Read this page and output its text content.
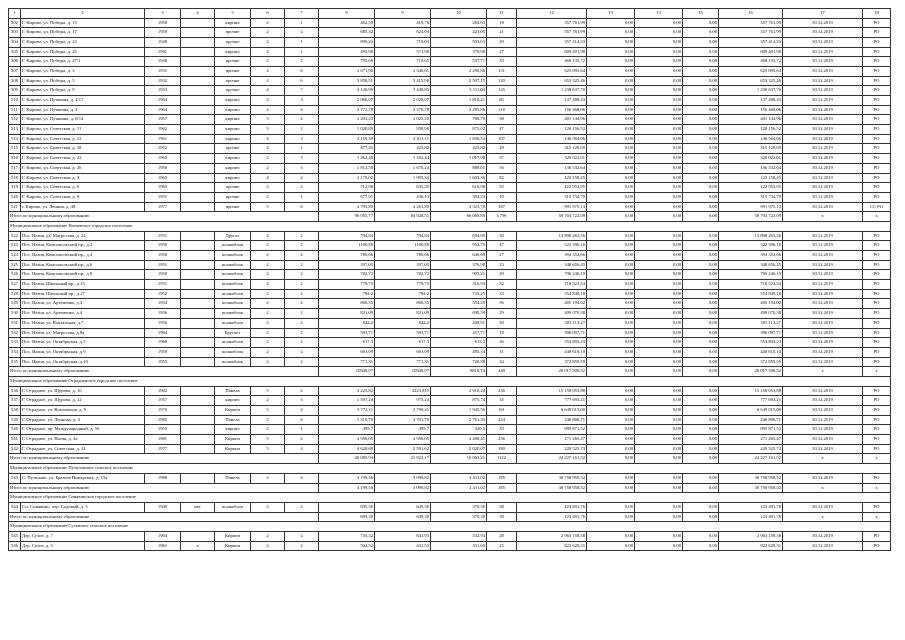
1	2	3	4	5	6	7	8	9	10	11	12	13	14	15	16	17	18
502	Г. Кирово, ул. Победы, д. 15	1958		кирпич	2	1	462,50	419,76	284,63	18	357 761,99	0,00	0,00	0,00	357 761,99	30.12.2019	РО
503	Г. Кирово, ул. Победы, д. 17	1959		прочие	2	2	685,32	624,04	421,05	21	357 761,99	0,00	0,00	0,00	357 761,99	30.12.2019	РО
504	Г. Кирово, ул. Победы, д. 23	1948		прочие	2	1	890,23	716,03	593,63	29	357 414,33	0,00	0,00	0,00	357 414,33	30.12.2019	РО
505	Г. Кирово, ул. Победы, д. 25	1961		кирпич	2	1	495,98	571,98	370,98	27	609 401,98	0,00	0,00	0,00	609 401,98	30.12.2019	РО
506	Г. Кирово, ул. Победы, д. 27/1	1948		прочие	2	2	795,66	710,65	537,71	33	460 133,72	0,00	0,00	0,00	460 133,72	30.12.2019	РО
507	Г. Кирово, ул. Победы, д. 3	1931		прочие	4	6	1 671,90	1 340,61	2 298,86	151	625 095,64	0,00	0,00	0,00	625 095,64	30.12.2019	РО
508	Г. Кирово, ул. Победы, д. 5	1932		прочие	4	6	3 858,51	3 415,96	2 597,15	120	653 325,46	0,00	0,00	0,00	653 325,46	30.12.2019	РО
509	Г. Кирово, ул. Победы, д. 9	1933		прочие	4	7	4 126,90	3 448,83	5 111,04	145	1 238 637,70	0,00	0,00	0,00	1 238 637,70	30.12.2019	РО
510	Г. Кирово, ул. Пушкина, д. 2/17	1964		кирпич	4	3	2 066,07	2 026,07	1 810,21	85	137 488,43	0,00	0,00	0,00	137 488,43	30.12.2019	РО
511	Г. Кирово, ул. Пушкина, д. 4	1964		кирпич	4	4	2 772,78	2 570,78	2 285,86	118	156 468,06	0,00	0,00	0,00	156 468,06	30.12.2019	РО
512	Г. Кирово, ул. Пушкина, д. 8/14	1957		кирпич	3	2	1 203,23	1 025,20	708,79	38	401 144,96	0,00	0,00	0,00	401 144,96	30.12.2019	РО
513	Г. Кирово, ул. Советская, д. 11	1962		кирпич	3	2	1 020,89	958,96	875,02	47	120 156,52	0,00	0,00	0,00	120 156,52	30.12.2019	РО
514	Г. Кирово, ул. Советская, д. 12	1961		кирпич	4	3	2 159,30	2 011,11	1 830,54	107	146 564,06	0,00	0,00	0,00	146 564,06	30.12.2019	РО
515	Г. Кирово, ул. Советская, д. 18	1952		прочие	2	1	477,45	423,82	423,82	28	315 128,69	0,00	0,00	0,00	315 128,69	30.12.2019	РО
516	Г. Кирово, ул. Советская, д. 22	1965		кирпич	2	3	1 262,40	1 182,44	1 017,98	57	320 022,01	0,00	0,00	0,00	320 022,01	30.12.2019	РО
517	Г. Кирово, ул. Советская, д. 26	1956		кирпич	2	3	1 812,50	1 670,24	889,61	56	136 532,64	0,00	0,00	0,00	136 532,64	30.12.2019	РО
518	Г. Кирово, ул. Советская, д. 3	1965		кирпич	4	4	2 179,02	1 995,34	1 605,36	82	123 158,45	0,00	0,00	0,00	123 158,45	30.12.2019	РО
519	Г. Кирово, ул. Советская, д. 6	1963		прочие	2	2	712,98	635,35	610,98	35	122 952,95	0,00	0,00	0,00	122 952,95	30.12.2019	РО
520	Г. Кирово, ул. Советская, д. 8	1951		прочие	2	1	677,91	436,13	392,23	10	315 734,70	0,00	0,00	0,00	315 734,70	30.12.2019	РО
521	г. Кирово, ул. Ленина, д. 48	1977		прочие	5	6	4 793,89	4 261,89	3 323,70	187	991 975,13	0,00	0,00	0,00	991 975,13	30.12.2019	СС РО
Итого по муниципальному образованию							96 955,77	84 928,51	66 069,89	3 796	58 704 722,09	0,00	0,00	0,00	58 704 722,09	х	х
Муниципальное образование Назиевское городское поселение																	
522	Пос. Назия, ул. Матросова, д. 22	1951		Другое	2	2	794,84	794,84	694,95	30	13 898 263,56	0,00	0,00	0,00	13 898 263,56	30.12.2019	РО
523	Пос. Назия, Комсомольский пр., д.2	1950		шлакоблок	2	2	1180,88	1180,88	952,75	47	522 396,16	0,00	0,00	0,00	522 396,16	30.12.2019	РО
524	Пос. Назия, Комсомольский пр., д.4	1950		шлакоблок	2	2	780,66	780,66	640,69	27	394 352,66	0,00	0,00	0,00	394 352,66	30.12.2019	РО
525	Пос. Назия, Комсомольский пр., д.6	1951		шлакоблок	2	2	397,03	397,03	376,98	23	348 656,45	0,00	0,00	0,00	348 656,45	30.12.2019	РО
526	Пос. Назия, Комсомольский пр., д.8	1950		шлакоблок	2	2	782,72	782,72	905,21	29	796 246,19	0,00	0,00	0,00	796 246,19	30.12.2019	РО
527	Пос. Назия, Школьный пр., д.15	1951		шлакоблок	2	2	779,75	779,75	316,93	32	718 523,54	0,00	0,00	0,00	718 523,54	30.12.2019	РО
528	Пос. Назия, Школьный пр., д.27	1952		шлакоблок	2	2	784,2	784,2	735,25	33	554 849,18	0,00	0,00	0,00	554 849,18	30.12.2019	РО
529	Пос. Назия, ул. Артеменко, д.3	1954		шлакоблок	2	2	800,35	800,35	554,29	36	405 194,02	0,00	0,00	0,00	405 194,02	30.12.2019	РО
530	Пос. Назия, ул. Артеменко, д.4	1956		шлакоблок	2	2	821,09	821,09	698,59	29	499 070,38	0,00	0,00	0,00	499 070,38	30.12.2019	РО
531	Пос. Назия, ул. Вокзальная, д.7	1956		шлакоблок	2	2	842,2	842,2	449,91	30	505 113,27	0,00	0,00	0,00	505 113,27	30.12.2019	РО
532	Пос. Назия, ул. Матросова, д.8а	1964		Брусчет	2	2	593,71	593,71	457,71	18	396 097,71	0,00	0,00	0,00	396 097,71	30.12.2019	РО
533	Пос. Назия, ул. Октябрьская, д.3	1960		шлакоблок	2	2	617,3	617,3	613,3	26	553 803,23	0,00	0,00	0,00	553 803,23	30.12.2019	РО
534	Пос. Назия, ул. Октябрьская, д.9	1959		шлакоблок	2	2	601,09	601,09	495,34	31	440 610,10	0,00	0,00	0,00	440 610,10	30.12.2019	РО
535	Пос. Назия, ул. Октябрьская, д.10	1955		шлакоблок	2	2	771,31	771,31	720,88	34	372 859,59	0,00	0,00	0,00	372 859,59	30.12.2019	РО
Итого по муниципальному образованию							10948,07	10948,07	8810,74	448	20 017 508,52	0,00	0,00	0,00	20 017 508,52	х	х
Муниципальное образование Отрадненское городское поселение																	
536	Г. Отрадное, ул. Щурова, д. 10	1982		Панель	5	4	3 223,82	3223,815	2 910,24	236	15 158 053,88	0,00	0,00	0,00	15 158 053,88	30.12.2019	РО
537	Г. Отрадное, ул. Щурова, д. 12	1957		кирпич	2	3	1 597,24	975,24	875,74	35	777 693,21	0,00	0,00	0,00	777 693,21	30.12.2019	РО
538	Г. Отрадное, ул. Вокзальная, д. 9	1970		Кирпич	5	4	5 772,11	2 790,41	1 945,50	161	6 649 015,00	0,00	0,00	0,00	6 649 015,00	30.12.2019	РО
539	Г. Отрадное, ул. Леонова, д. 3	1985		Панель	5	6	5 318,70	4 701,70	2 761,35	224	246 806,71	0,00	0,00	0,00	246 806,71	30.12.2019	РО
540	Г. Отрадное, пр. Международный, д. 56	1955		кирпич	2	1	495,7	495,7	320,5	33	895 871,52	0,00	0,00	0,00	895 871,52	30.12.2019	РО
541	Г. Отрадное, ул. Нагия, д. 4а	1981		Кирпич	5	4	4 956,65	4 956,65	4 200,41	256	271 265,47	0,00	0,00	0,00	271 265,47	30.12.2019	РО
542	Г. Отрадное, ул. Советская, д. 21	1977		Кирпич	5	4	4 620,69	2 591,62	2 020,07	180	229 525,73	0,00	0,00	0,00	229 525,73	30.12.2019	РО
Итого по муниципальному образованию							26 085,94	21 822,17	16 063,21	1122	24 227 161,52	0,00	0,00	0,00	24 227 161,52	х	х
Муниципальное образование Путиловское сельское поселение																	
543	С. Путилово, ул. Братьев Пожарских, д. 15а	1988		Панель	3	4	4 199,56	3 090,82	2 411,02	185	30 758 958,52	0,00	0,00	0,00	30 758 958,52	30.12.2019	РО
Итого по муниципальному образованию							4 199,56	3 090,82	2 411,02	185	30 758 958,52	0,00	0,00	0,00	30 758 958,52	х	х
Муниципальное образование Синявинское городское поселение																	
544	Г.п. Синявино, пер. Садовый, д. 3	1949	нет	шлакоблок	2	2	695,30	649,30	370,30	38	123 491,76	0,00	0,00	0,00	123 491,76	30.12.2019	РО
Итого по муниципальному образованию							695,30	649,30	370,30	38	123 491,76	0,00	0,00	0,00	123 491,76	х	х
Муниципальное образование Суховское сельское поселение																	
545	Дер. Сухое, д. 7	1964		Кирпич	2	2	735,32	641,93	532,94	28	2 963 158,38	0,00	0,00	0,00	2 963 158,38	30.12.2019	РО
546	Дер. Сухое, д. 5	1961	х	Кирпич	2	2	502,52	441,53	331,60	25	822 629,31	0,00	0,00	0,00	822 629,31	30.12.2019	РО
